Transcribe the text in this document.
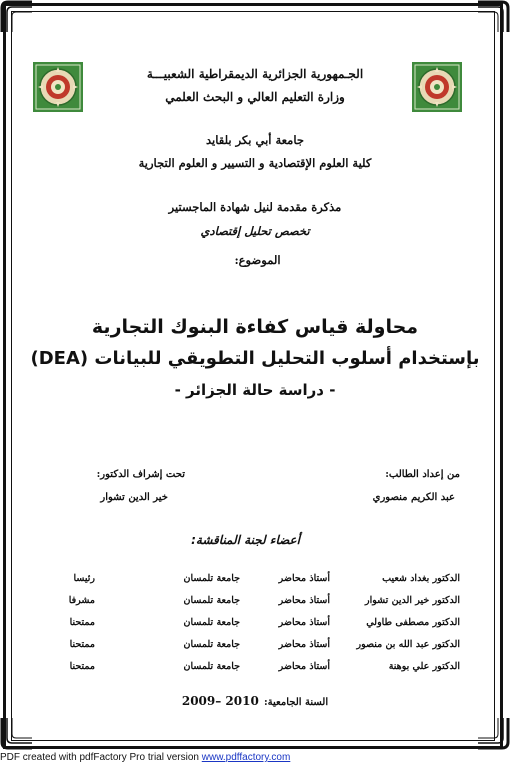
الجـمهورية الجزائرية الديمقراطية الشعبيـــة
وزارة التعليم العالي و البحث العلمي
جامعة أبي بكر بلقايد
كلية العلوم الإقتصادية و التسيير و العلوم التجارية
مذكرة مقدمة لنيل شهادة الماجستير
تخصص تحليل إقتصادي
الموضوع:
محاولة قياس كفاءة البنوك التجارية
بإستخدام أسلوب التحليل التطويقي للبيانات (DEA)
- دراسة حالة الجزائر -
من إعداد الطالب:
عبد الكريم منصوري
تحت إشراف الدكتور:
خير الدين تشوار
أعضاء لجنة المناقشة:
الدكتور بغداد شعيب
أستاذ محاضر
جامعة تلمسان
رئيسا
الدكتور خير الدين تشوار
أستاذ محاضر
جامعة تلمسان
مشرفا
الدكتور مصطفى طاولي
أستاذ محاضر
جامعة تلمسان
ممتحنا
الدكتور عبد الله بن منصور
أستاذ محاضر
جامعة تلمسان
ممتحنا
الدكتور علي بوهنة
أستاذ محاضر
جامعة تلمسان
ممتحنا
السنة الجامعية: 2009– 2010
PDF created with pdfFactory Pro trial version www.pdffactory.com
